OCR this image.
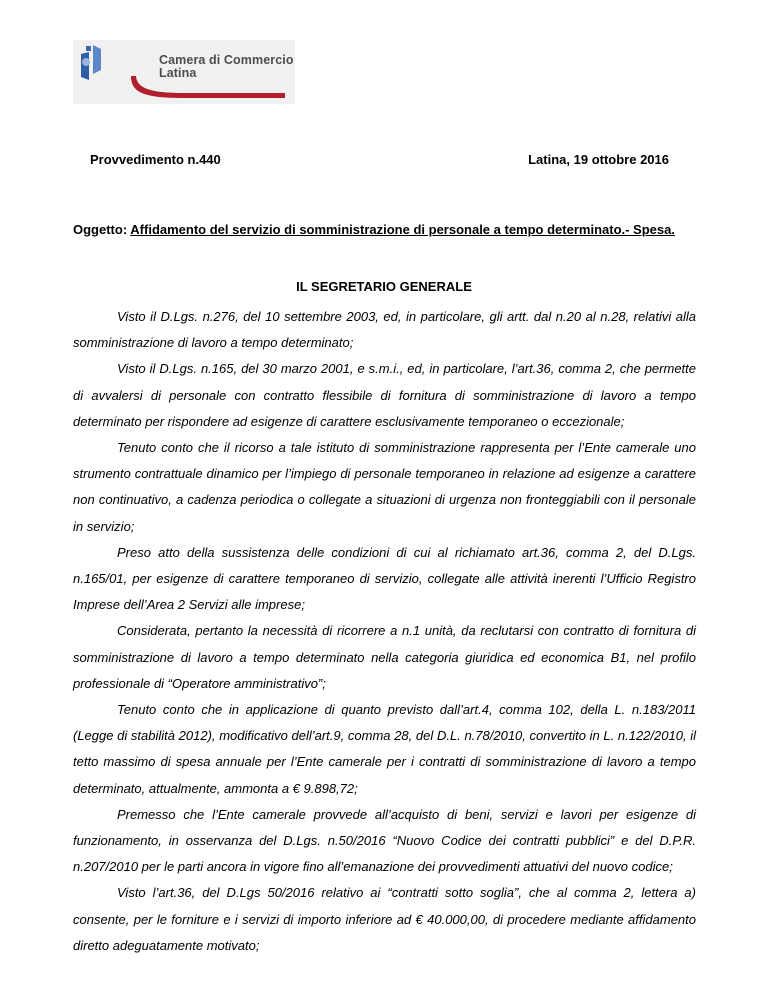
Camera di Commercio
Latina
Provvedimento n.440	Latina, 19 ottobre 2016
Oggetto: Affidamento del servizio di somministrazione di personale a tempo determinato.- Spesa.
IL SEGRETARIO GENERALE

Visto il D.Lgs. n.276, del 10 settembre 2003, ed, in particolare, gli artt. dal n.20 al n.28, relativi alla somministrazione di lavoro a tempo determinato;

Visto il D.Lgs. n.165, del 30 marzo 2001, e s.m.i., ed, in particolare, l’art.36, comma 2, che permette di avvalersi di personale con contratto flessibile di fornitura di somministrazione di lavoro a tempo determinato per rispondere ad esigenze di carattere esclusivamente temporaneo o eccezionale;

Tenuto conto che il ricorso a tale istituto di somministrazione rappresenta per l’Ente camerale uno strumento contrattuale dinamico per l’impiego di personale temporaneo in relazione ad esigenze a carattere non continuativo, a cadenza periodica o collegate a situazioni di urgenza non fronteggiabili con il personale in servizio;

Preso atto della sussistenza delle condizioni di cui al richiamato art.36, comma 2, del D.Lgs. n.165/01, per esigenze di carattere temporaneo di servizio, collegate alle attività inerenti l’Ufficio Registro Imprese dell’Area 2 Servizi alle imprese;

Considerata, pertanto la necessità di ricorrere a n.1 unità, da reclutarsi con contratto di fornitura di somministrazione di lavoro a tempo determinato nella categoria giuridica ed economica B1, nel profilo professionale di “Operatore amministrativo”;

Tenuto conto che in applicazione di quanto previsto dall’art.4, comma 102, della L. n.183/2011 (Legge di stabilità 2012), modificativo dell’art.9, comma 28, del D.L. n.78/2010, convertito in L. n.122/2010, il tetto massimo di spesa annuale per l’Ente camerale per i contratti di somministrazione di lavoro a tempo determinato, attualmente, ammonta a € 9.898,72;

Premesso che l’Ente camerale provvede all’acquisto di beni, servizi e lavori per esigenze di funzionamento, in osservanza del D.Lgs. n.50/2016 “Nuovo Codice dei contratti pubblici” e del D.P.R. n.207/2010 per le parti ancora in vigore fino all’emanazione dei provvedimenti attuativi del nuovo codice;

Visto l’art.36, del D.Lgs 50/2016 relativo ai “contratti sotto soglia”, che al comma 2, lettera a) consente, per le forniture e i servizi di importo inferiore ad € 40.000,00, di procedere mediante affidamento diretto adeguatamente motivato;
